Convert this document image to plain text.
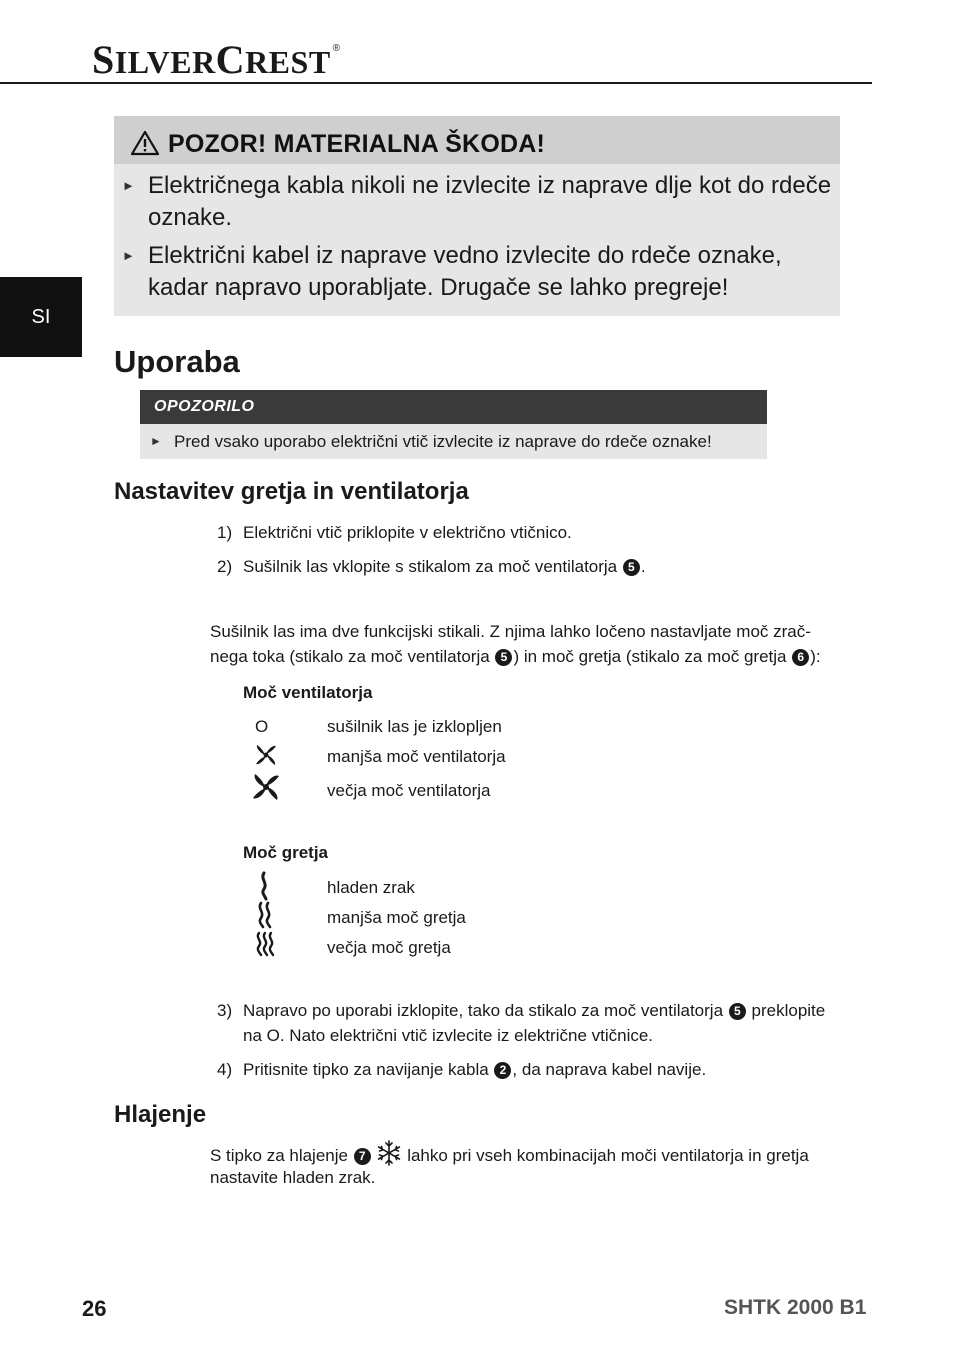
SILVERCREST ®
SI
POZOR! MATERIALNA ŠKODA!
► Električnega kabla nikoli ne izvlecite iz naprave dlje kot do rdeče
oznake.
► Električni kabel iz naprave vedno izvlecite do rdeče oznake,
kadar napravo uporabljate. Drugače se lahko pregreje!
Uporaba
OPOZORILO
► Pred vsako uporabo električni vtič izvlecite iz naprave do rdeče oznake!
Nastavitev gretja in ventilatorja
1) Električni vtič priklopite v električno vtičnico.
2) Sušilnik las vklopite s stikalom za moč ventilatorja 5 .
Sušilnik las ima dve funkcijski stikali. Z njima lahko ločeno nastavljate moč zrač-
nega toka (stikalo za moč ventilatorja 5 ) in moč gretja (stikalo za moč gretja 6 ):
Moč ventilatorja
O	sušilnik las je izklopljen
manjša moč ventilatorja
večja moč ventilatorja
Moč gretja
hladen zrak
manjša moč gretja
večja moč gretja
3) Napravo po uporabi izklopite, tako da stikalo za moč ventilatorja 5 preklopite
na O. Nato električni vtič izvlecite iz električne vtičnice.
4) Pritisnite tipko za navijanje kabla 2 , da naprava kabel navije.
Hlajenje
S tipko za hlajenje 7 lahko pri vseh kombinacijah moči ventilatorja in gretja
nastavite hladen zrak.
26	SHTK 2000 B1
